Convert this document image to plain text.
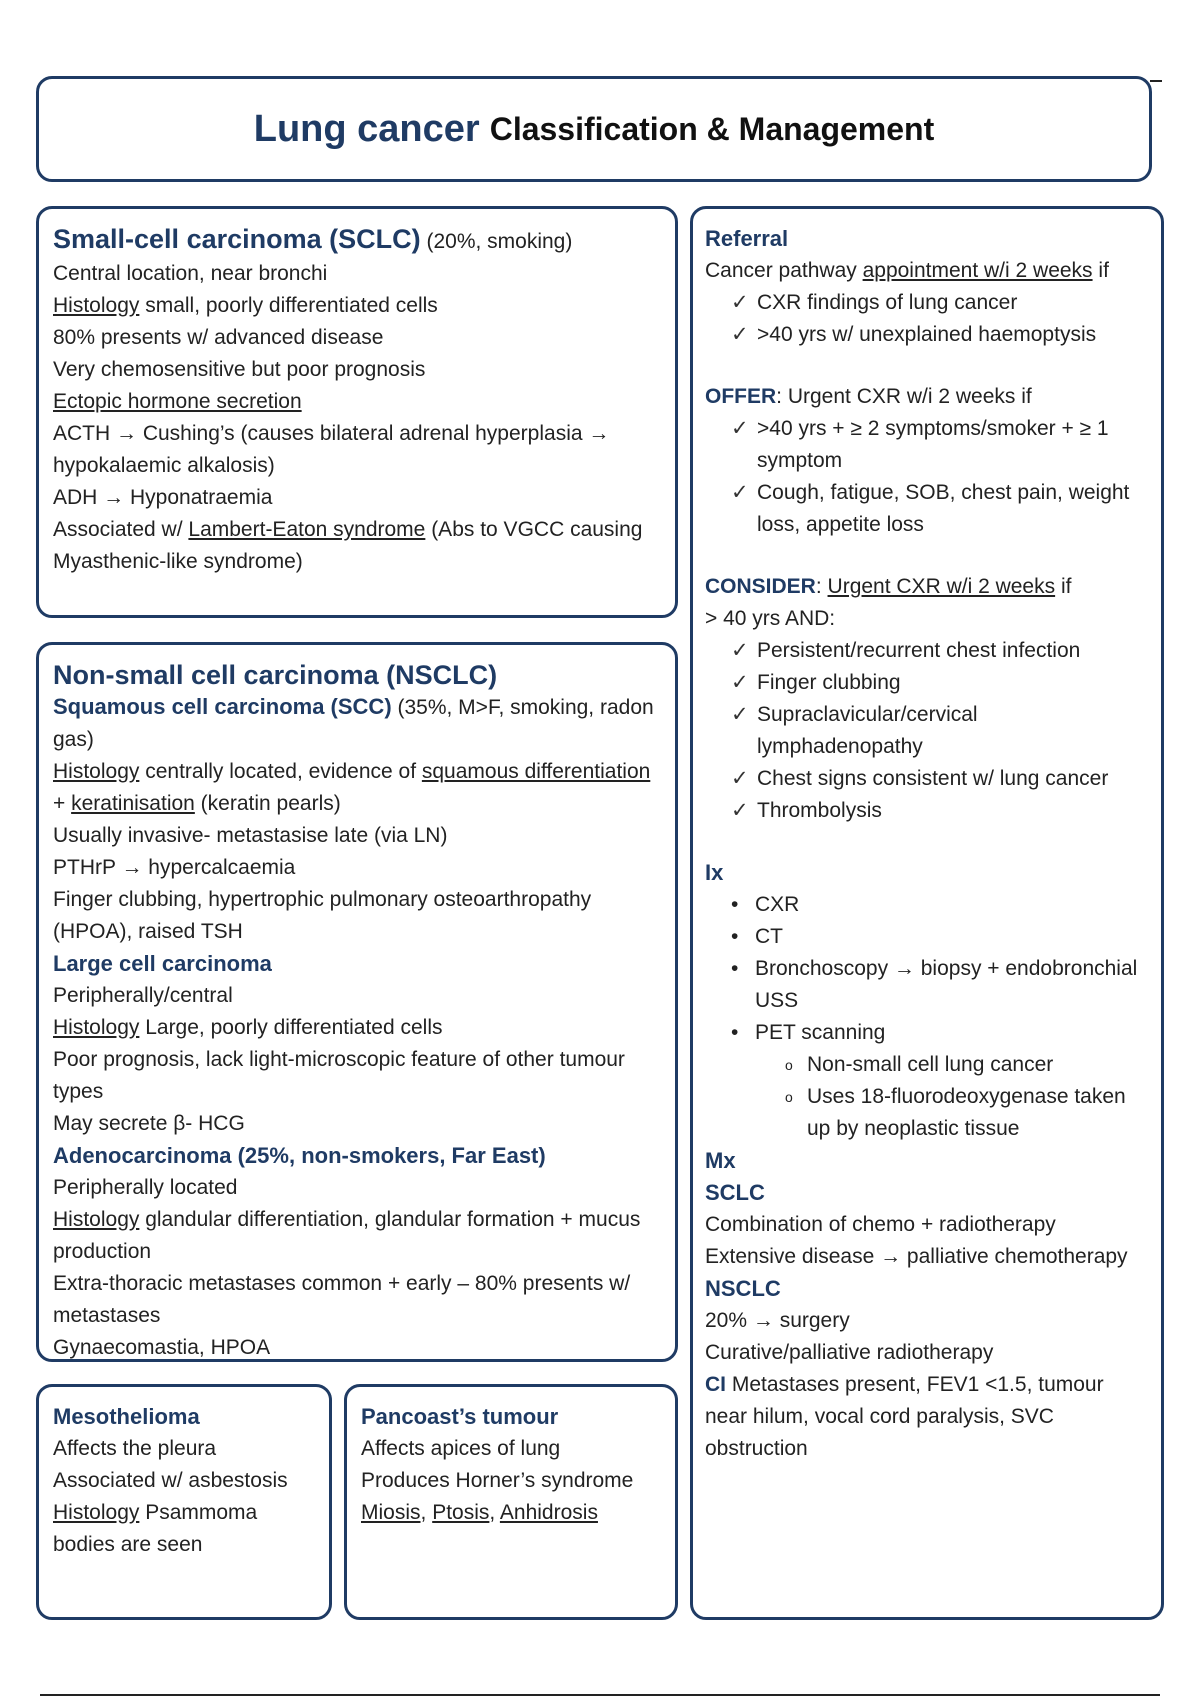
Lung cancer Classification & Management
Small-cell carcinoma (SCLC) (20%, smoking)
Central location, near bronchi
Histology small, poorly differentiated cells
80% presents w/ advanced disease
Very chemosensitive but poor prognosis
Ectopic hormone secretion
ACTH → Cushing’s (causes bilateral adrenal hyperplasia → hypokalaemic alkalosis)
ADH → Hyponatraemia
Associated w/ Lambert-Eaton syndrome (Abs to VGCC causing Myasthenic-like syndrome)
Non-small cell carcinoma (NSCLC)
Squamous cell carcinoma (SCC) (35%, M>F, smoking, radon gas)
Histology centrally located, evidence of squamous differentiation + keratinisation (keratin pearls)
Usually invasive- metastasise late (via LN)
PTHrP → hypercalcaemia
Finger clubbing, hypertrophic pulmonary osteoarthropathy (HPOA), raised TSH
Large cell carcinoma
Peripherally/central
Histology Large, poorly differentiated cells
Poor prognosis, lack light-microscopic feature of other tumour types
May secrete β- HCG
Adenocarcinoma (25%, non-smokers, Far East)
Peripherally located
Histology glandular differentiation, glandular formation + mucus production
Extra-thoracic metastases common + early – 80% presents w/ metastases
Gynaecomastia, HPOA
Mesothelioma
Affects the pleura
Associated w/ asbestosis
Histology Psammoma bodies are seen
Pancoast’s tumour
Affects apices of lung
Produces Horner’s syndrome
Miosis, Ptosis, Anhidrosis
Referral
Cancer pathway appointment w/i 2 weeks if
✓ CXR findings of lung cancer
✓ >40 yrs w/ unexplained haemoptysis
OFFER: Urgent CXR w/i 2 weeks if
✓ >40 yrs + ≥ 2 symptoms/smoker + ≥ 1 symptom
✓ Cough, fatigue, SOB, chest pain, weight loss, appetite loss
CONSIDER: Urgent CXR w/i 2 weeks if
> 40 yrs AND:
✓ Persistent/recurrent chest infection
✓ Finger clubbing
✓ Supraclavicular/cervical lymphadenopathy
✓ Chest signs consistent w/ lung cancer
✓ Thrombolysis
Ix
• CXR
• CT
• Bronchoscopy → biopsy + endobronchial USS
• PET scanning
o Non-small cell lung cancer
o Uses 18-fluorodeoxygenase taken up by neoplastic tissue
Mx
SCLC
Combination of chemo + radiotherapy
Extensive disease → palliative chemotherapy
NSCLC
20% → surgery
Curative/palliative radiotherapy
CI Metastases present, FEV1 <1.5, tumour near hilum, vocal cord paralysis, SVC obstruction
